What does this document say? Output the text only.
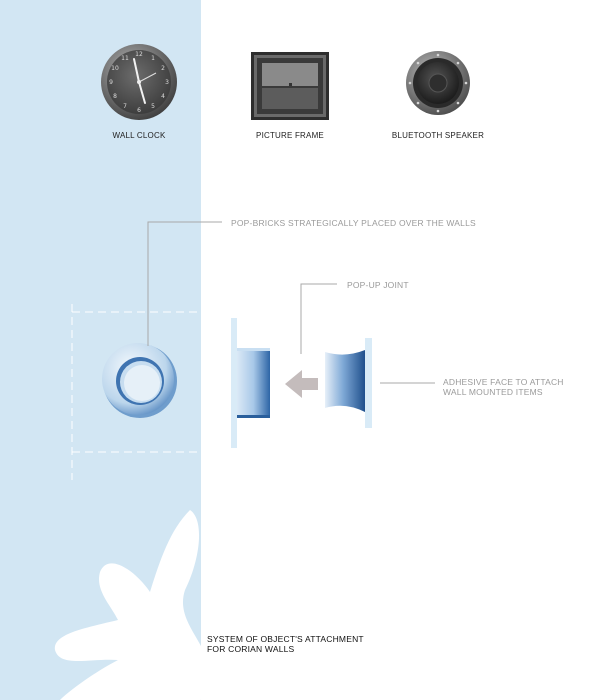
12
1
2
3
4
5
6
7
8
9
10
11
WALL CLOCK	PICTURE FRAME	BLUETOOTH SPEAKER
POP-BRICKS STRATEGICALLY PLACED OVER THE WALLS
POP-UP JOINT
ADHESIVE FACE TO ATTACH
WALL MOUNTED ITEMS
SYSTEM OF OBJECT'S ATTACHMENT
FOR CORIAN WALLS
